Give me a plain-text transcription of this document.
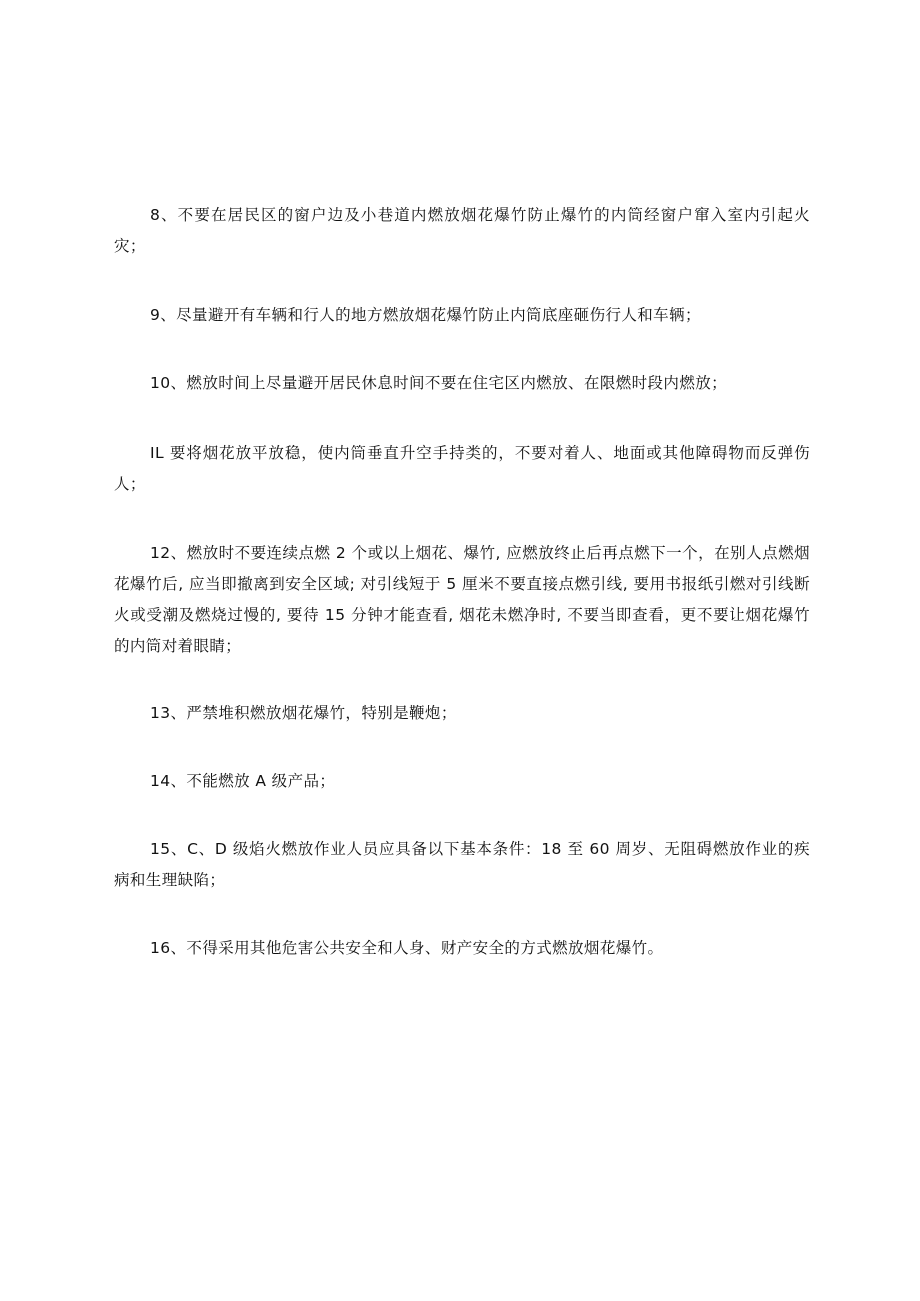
8、不要在居民区的窗户边及小巷道内燃放烟花爆竹防止爆竹的内筒经窗户窜入室内引起火灾；

9、尽量避开有车辆和行人的地方燃放烟花爆竹防止内筒底座砸伤行人和车辆；

10、燃放时间上尽量避开居民休息时间不要在住宅区内燃放、在限燃时段内燃放；

IL 要将烟花放平放稳，使内筒垂直升空手持类的，不要对着人、地面或其他障碍物而反弹伤人；

12、燃放时不要连续点燃 2 个或以上烟花、爆竹, 应燃放终止后再点燃下一个，在别人点燃烟花爆竹后, 应当即撤离到安全区域; 对引线短于 5 厘米不要直接点燃引线, 要用书报纸引燃对引线断火或受潮及燃烧过慢的, 要待 15 分钟才能查看, 烟花未燃净时, 不要当即查看，更不要让烟花爆竹的内筒对着眼睛；

13、严禁堆积燃放烟花爆竹，特别是鞭炮；

14、不能燃放 A 级产品；

15、C、D 级焰火燃放作业人员应具备以下基本条件：18 至 60 周岁、无阻碍燃放作业的疾病和生理缺陷；

16、不得采用其他危害公共安全和人身、财产安全的方式燃放烟花爆竹。
